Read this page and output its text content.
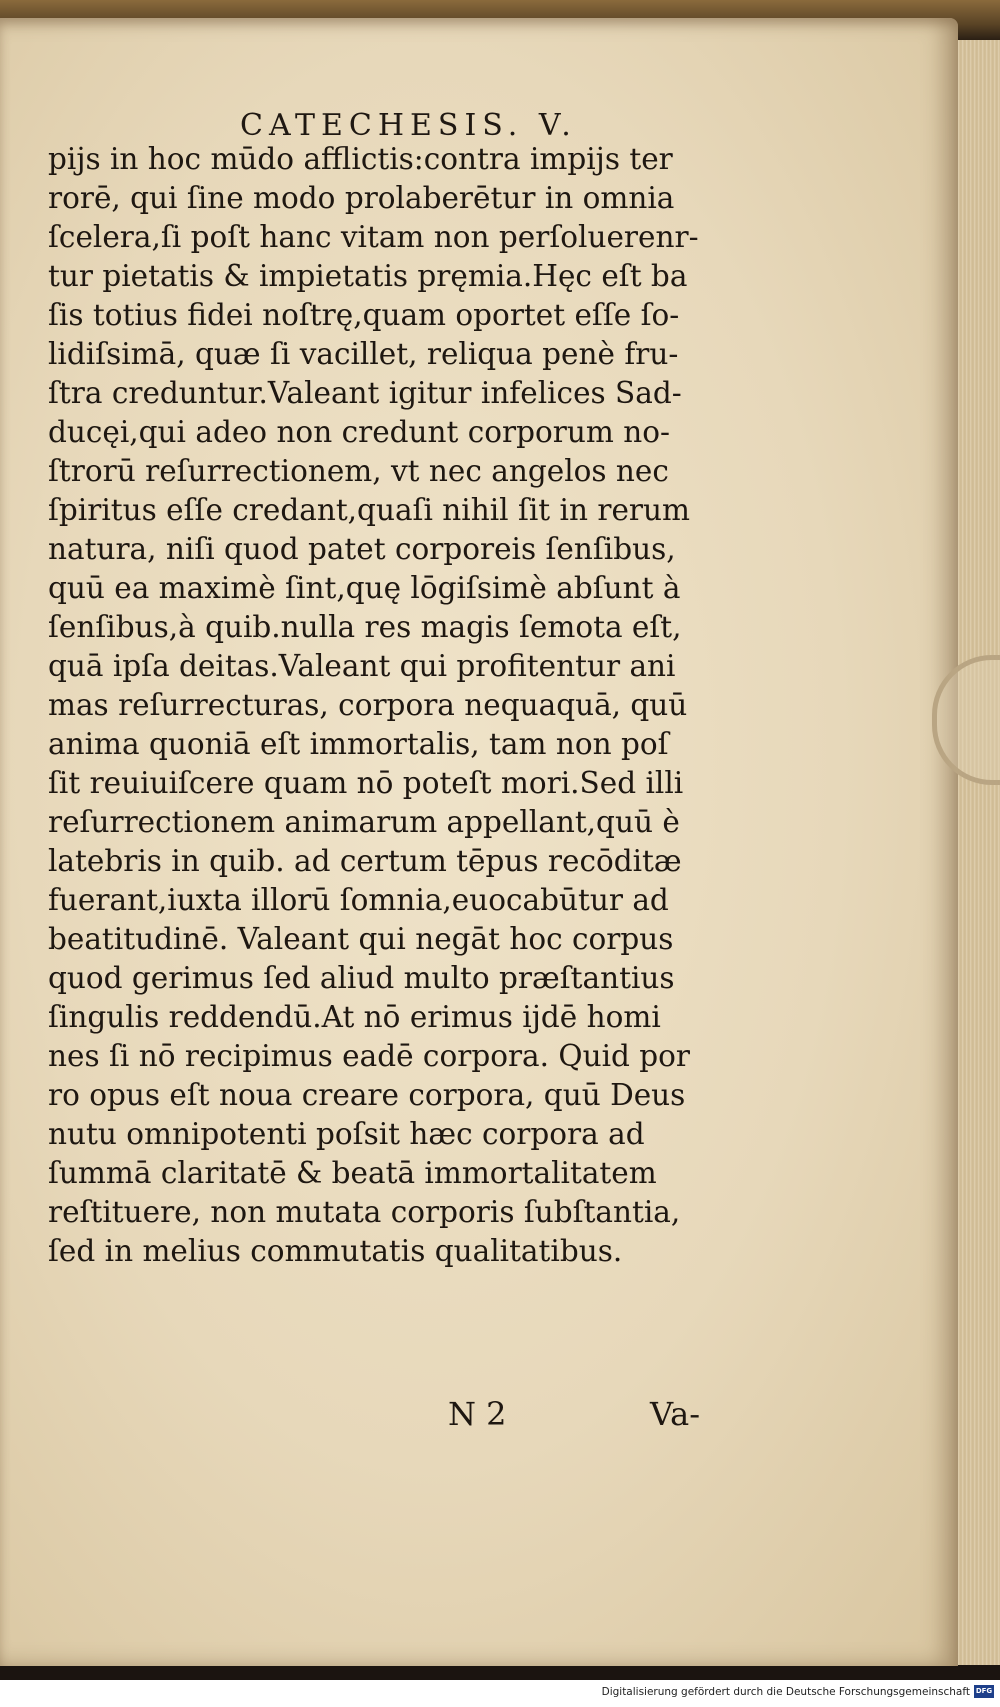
CATECHESIS. V.
pijs in hoc mūdo afflictis:contra impijs ter
rorē, qui ſine modo prolaberētur in omnia
ſcelera,ſi poſt hanc vitam non perſoluerenr-
tur pietatis & impietatis pręmia.Hęc eſt ba
ſis totius fidei noſtrę,quam oportet eſſe ſo-
lidiſsimā, quæ ſi vacillet, reliqua penè fru-
ſtra creduntur.Valeant igitur infelices Sad-
ducęi,qui adeo non credunt corporum no-
ſtrorū reſurrectionem, vt nec angelos nec
ſpiritus eſſe credant,quaſi nihil ſit in rerum
natura, niſi quod patet corporeis ſenſibus,
quū ea maximè ſint,quę lōgiſsimè abſunt à
ſenſibus,à quib.nulla res magis ſemota eſt,
quā ipſa deitas.Valeant qui profitentur ani
mas reſurrecturas, corpora nequaquā, quū
anima quoniā eſt immortalis, tam non poſ
ſit reuiuiſcere quam nō poteſt mori.Sed illi
reſurrectionem animarum appellant,quū è
latebris in quib. ad certum tēpus recōditæ
fuerant,iuxta illorū ſomnia,euocabūtur ad
beatitudinē. Valeant qui negāt hoc corpus
quod gerimus ſed aliud multo præſtantius
ſingulis reddendū.At nō erimus ijdē homi
nes ſi nō recipimus eadē corpora. Quid por
ro opus eſt noua creare corpora, quū Deus
nutu omnipotenti poſsit hæc corpora ad
ſummā claritatē & beatā immortalitatem
reſtituere, non mutata corporis ſubſtantia,
ſed in melius commutatis qualitatibus.
N 2	Va-
Digitalisierung gefördert durch die Deutsche Forschungsgemeinschaft DFG
